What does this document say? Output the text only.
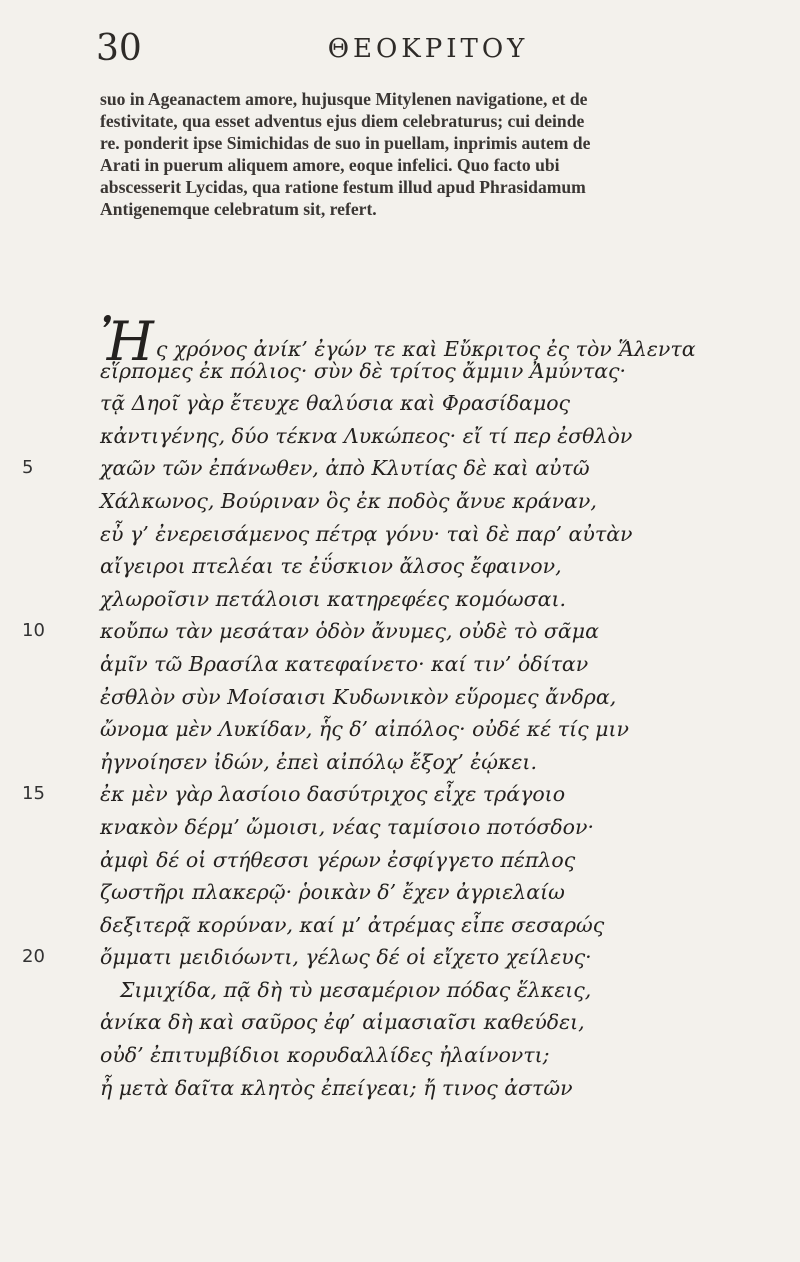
30	ΘΕΟΚΡΙΤΟΥ

suo in Ageanactem amore, hujusque Mitylenen navigatione, et de

festivitate, qua esset adventus ejus diem celebraturus; cui deinde

re. ponderit ipse Simichidas de suo in puellam, inprimis autem de

Arati in puerum aliquem amore, eoque infelici. Quo facto ubi

abscesserit Lycidas, qua ratione festum illud apud Phrasidamum

Antigenemque celebratum sit, refert.

Ἠς χρόνος ἀνίκ’ ἐγών τε καὶ Εὔκριτος ἐς τὸν Ἅλεντα
εἵρπομες ἐκ πόλιος· σὺν δὲ τρίτος ἄμμιν Ἀμύντας·
τᾷ Δηοῖ γὰρ ἔτευχε θαλύσια καὶ Φρασίδαμος
κἀντιγένης, δύο τέκνα Λυκώπεος· εἴ τί περ ἐσθλὸν
5	χαῶν τῶν ἐπάνωθεν, ἀπὸ Κλυτίας δὲ καὶ αὐτῶ
Χάλκωνος, Βούριναν ὃς ἐκ ποδὸς ἄνυε κράναν,
εὖ γ’ ἐνερεισάμενος πέτρᾳ γόνυ· ταὶ δὲ παρ’ αὐτὰν
αἴγειροι πτελέαι τε ἐΰσκιον ἄλσος ἔφαινον,
χλωροῖσιν πετάλοισι κατηρεφέες κομόωσαι.
10	κοὔπω τὰν μεσάταν ὁδὸν ἄνυμες, οὐδὲ τὸ σᾶμα
ἁμῖν τῶ Βρασίλα κατεφαίνετο· καί τιν’ ὁδίταν
ἐσθλὸν σὺν Μοίσαισι Κυδωνικὸν εὕρομες ἄνδρα,
ὤνομα μὲν Λυκίδαν, ἧς δ’ αἰπόλος· οὐδέ κέ τίς μιν
ἠγνοίησεν ἰδών, ἐπεὶ αἰπόλῳ ἔξοχ’ ἐῴκει.
15	ἐκ μὲν γὰρ λασίοιο δασύτριχος εἶχε τράγοιο
κνακὸν δέρμ’ ὤμοισι, νέας ταμίσοιο ποτόσδον·
ἀμφὶ δέ οἱ στήθεσσι γέρων ἐσφίγγετο πέπλος
ζωστῆρι πλακερῷ· ῥοικὰν δ’ ἔχεν ἀγριελαίω
δεξιτερᾷ κορύναν, καί μ’ ἀτρέμας εἶπε σεσαρώς
20	ὄμματι μειδιόωντι, γέλως δέ οἱ εἴχετο χείλευς·
Σιμιχίδα, πᾷ δὴ τὺ μεσαμέριον πόδας ἕλκεις,
ἁνίκα δὴ καὶ σαῦρος ἐφ’ αἱμασιαῖσι καθεύδει,
οὐδ’ ἐπιτυμβίδιοι κορυδαλλίδες ἠλαίνοντι;
ἦ μετὰ δαῖτα κλητὸς ἐπείγεαι; ἤ τινος ἀστῶν
